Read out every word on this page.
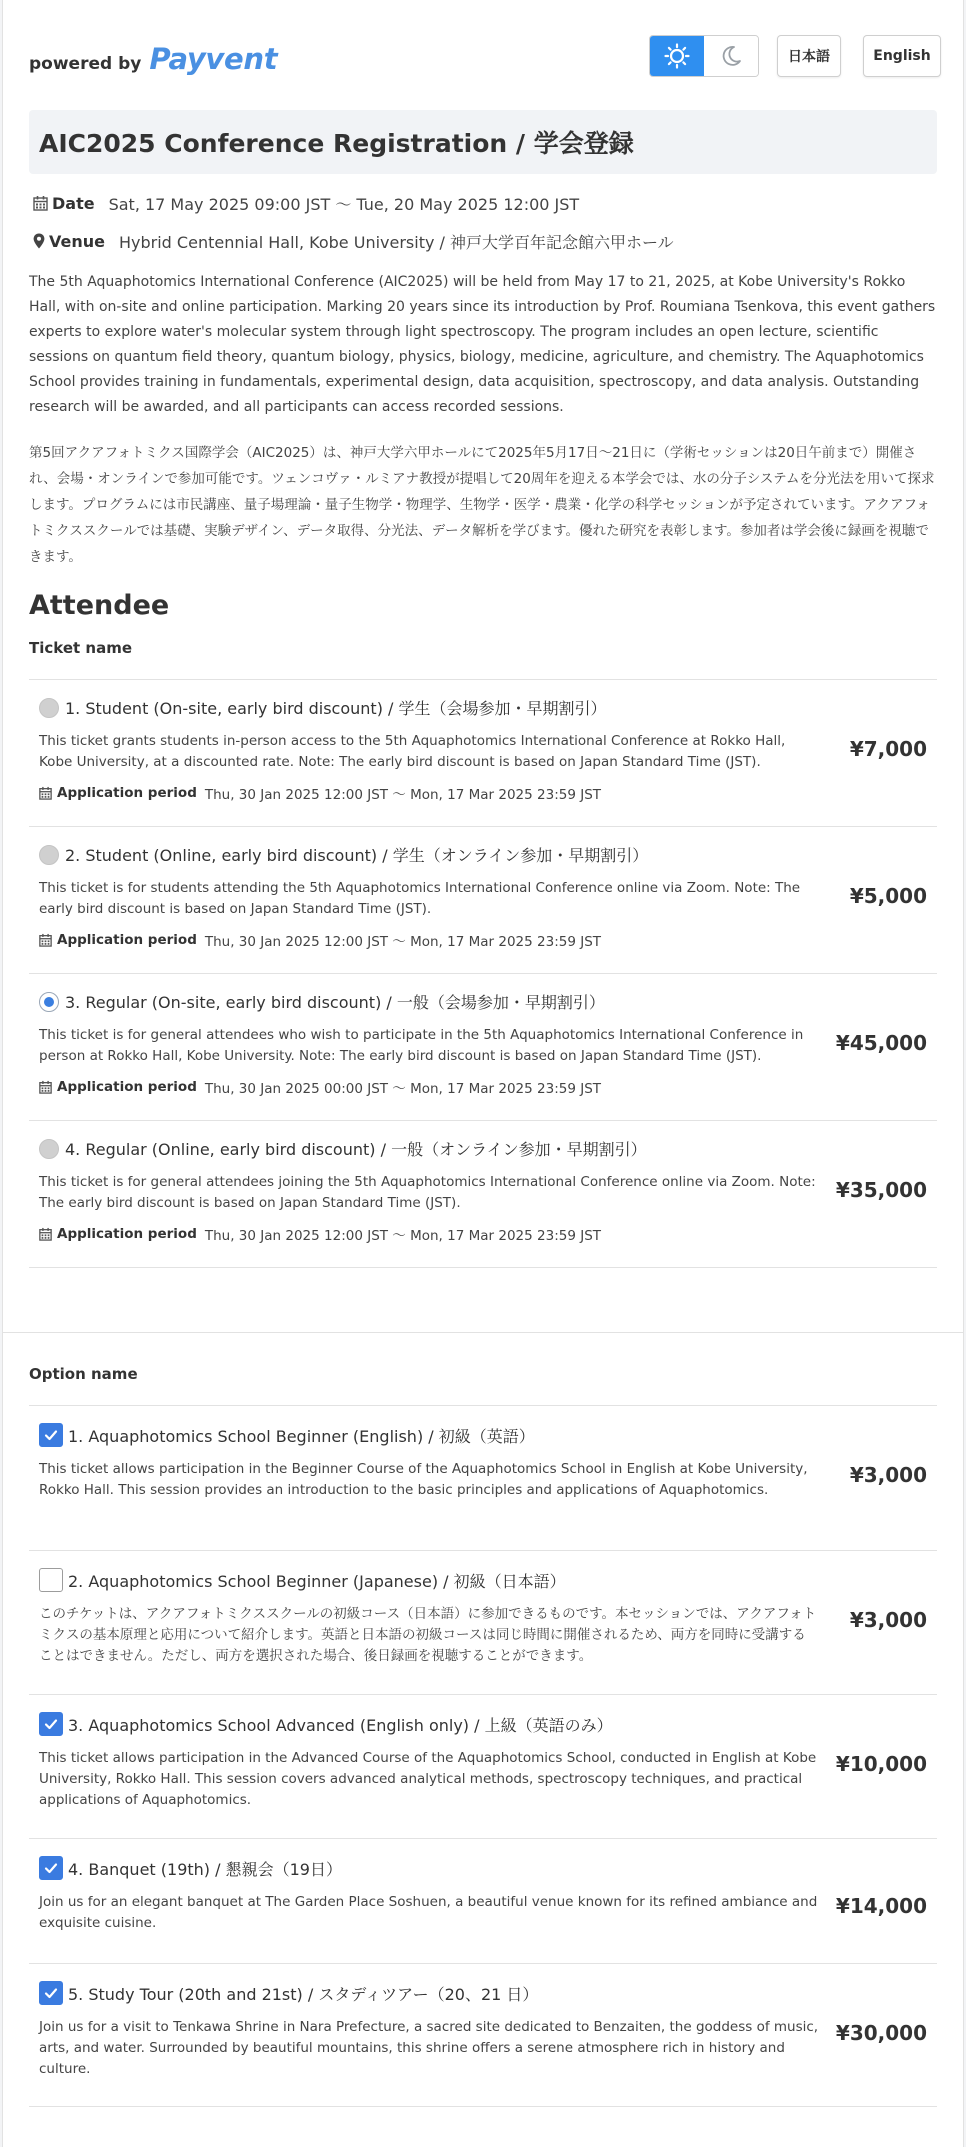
powered by Payvent	日本語	English
AIC2025 Conference Registration / 学会登録
Date Sat, 17 May 2025 09:00 JST 〜 Tue, 20 May 2025 12:00 JST
Venue Hybrid Centennial Hall, Kobe University / 神戸大学百年記念館六甲ホール

The 5th Aquaphotomics International Conference (AIC2025) will be held from May 17 to 21, 2025, at Kobe University's Rokko Hall, with on-site and online participation. Marking 20 years since its introduction by Prof. Roumiana Tsenkova, this event gathers experts to explore water's molecular system through light spectroscopy. The program includes an open lecture, scientific sessions on quantum field theory, quantum biology, physics, biology, medicine, agriculture, and chemistry. The Aquaphotomics School provides training in fundamentals, experimental design, data acquisition, spectroscopy, and data analysis. Outstanding research will be awarded, and all participants can access recorded sessions.

第5回アクアフォトミクス国際学会（AIC2025）は、神戸大学六甲ホールにて2025年5月17日〜21日に（学術セッションは20日午前まで）開催され、会場・オンラインで参加可能です。ツェンコヴァ・ルミアナ教授が提唱して20周年を迎える本学会では、水の分子システムを分光法を用いて探求します。プログラムには市民講座、量子場理論・量子生物学・物理学、生物学・医学・農業・化学の科学セッションが予定されています。アクアフォトミクススクールでは基礎、実験デザイン、データ取得、分光法、データ解析を学びます。優れた研究を表彰します。参加者は学会後に録画を視聴できます。

Attendee
Ticket name
1. Student (On-site, early bird discount) / 学生（会場参加・早期割引）
This ticket grants students in-person access to the 5th Aquaphotomics International Conference at Rokko Hall, Kobe University, at a discounted rate. Note: The early bird discount is based on Japan Standard Time (JST).
Application period Thu, 30 Jan 2025 12:00 JST 〜 Mon, 17 Mar 2025 23:59 JST
¥7,000
2. Student (Online, early bird discount) / 学生（オンライン参加・早期割引）
This ticket is for students attending the 5th Aquaphotomics International Conference online via Zoom. Note: The early bird discount is based on Japan Standard Time (JST).
Application period Thu, 30 Jan 2025 12:00 JST 〜 Mon, 17 Mar 2025 23:59 JST
¥5,000
3. Regular (On-site, early bird discount) / 一般（会場参加・早期割引）
This ticket is for general attendees who wish to participate in the 5th Aquaphotomics International Conference in person at Rokko Hall, Kobe University. Note: The early bird discount is based on Japan Standard Time (JST).
Application period Thu, 30 Jan 2025 00:00 JST 〜 Mon, 17 Mar 2025 23:59 JST
¥45,000
4. Regular (Online, early bird discount) / 一般（オンライン参加・早期割引）
This ticket is for general attendees joining the 5th Aquaphotomics International Conference online via Zoom. Note: The early bird discount is based on Japan Standard Time (JST).
Application period Thu, 30 Jan 2025 12:00 JST 〜 Mon, 17 Mar 2025 23:59 JST
¥35,000
Option name
1. Aquaphotomics School Beginner (English) / 初級（英語）
This ticket allows participation in the Beginner Course of the Aquaphotomics School in English at Kobe University, Rokko Hall. This session provides an introduction to the basic principles and applications of Aquaphotomics.
¥3,000
2. Aquaphotomics School Beginner (Japanese) / 初級（日本語）
このチケットは、アクアフォトミクススクールの初級コース（日本語）に参加できるものです。本セッションでは、アクアフォトミクスの基本原理と応用について紹介します。英語と日本語の初級コースは同じ時間に開催されるため、両方を同時に受講することはできません。ただし、両方を選択された場合、後日録画を視聴することができます。
¥3,000
3. Aquaphotomics School Advanced (English only) / 上級（英語のみ）
This ticket allows participation in the Advanced Course of the Aquaphotomics School, conducted in English at Kobe University, Rokko Hall. This session covers advanced analytical methods, spectroscopy techniques, and practical applications of Aquaphotomics.
¥10,000
4. Banquet (19th) / 懇親会（19日）
Join us for an elegant banquet at The Garden Place Soshuen, a beautiful venue known for its refined ambiance and exquisite cuisine.
¥14,000
5. Study Tour (20th and 21st) / スタディツアー（20、21 日）
Join us for a visit to Tenkawa Shrine in Nara Prefecture, a sacred site dedicated to Benzaiten, the goddess of music, arts, and water. Surrounded by beautiful mountains, this shrine offers a serene atmosphere rich in history and culture.
¥30,000
